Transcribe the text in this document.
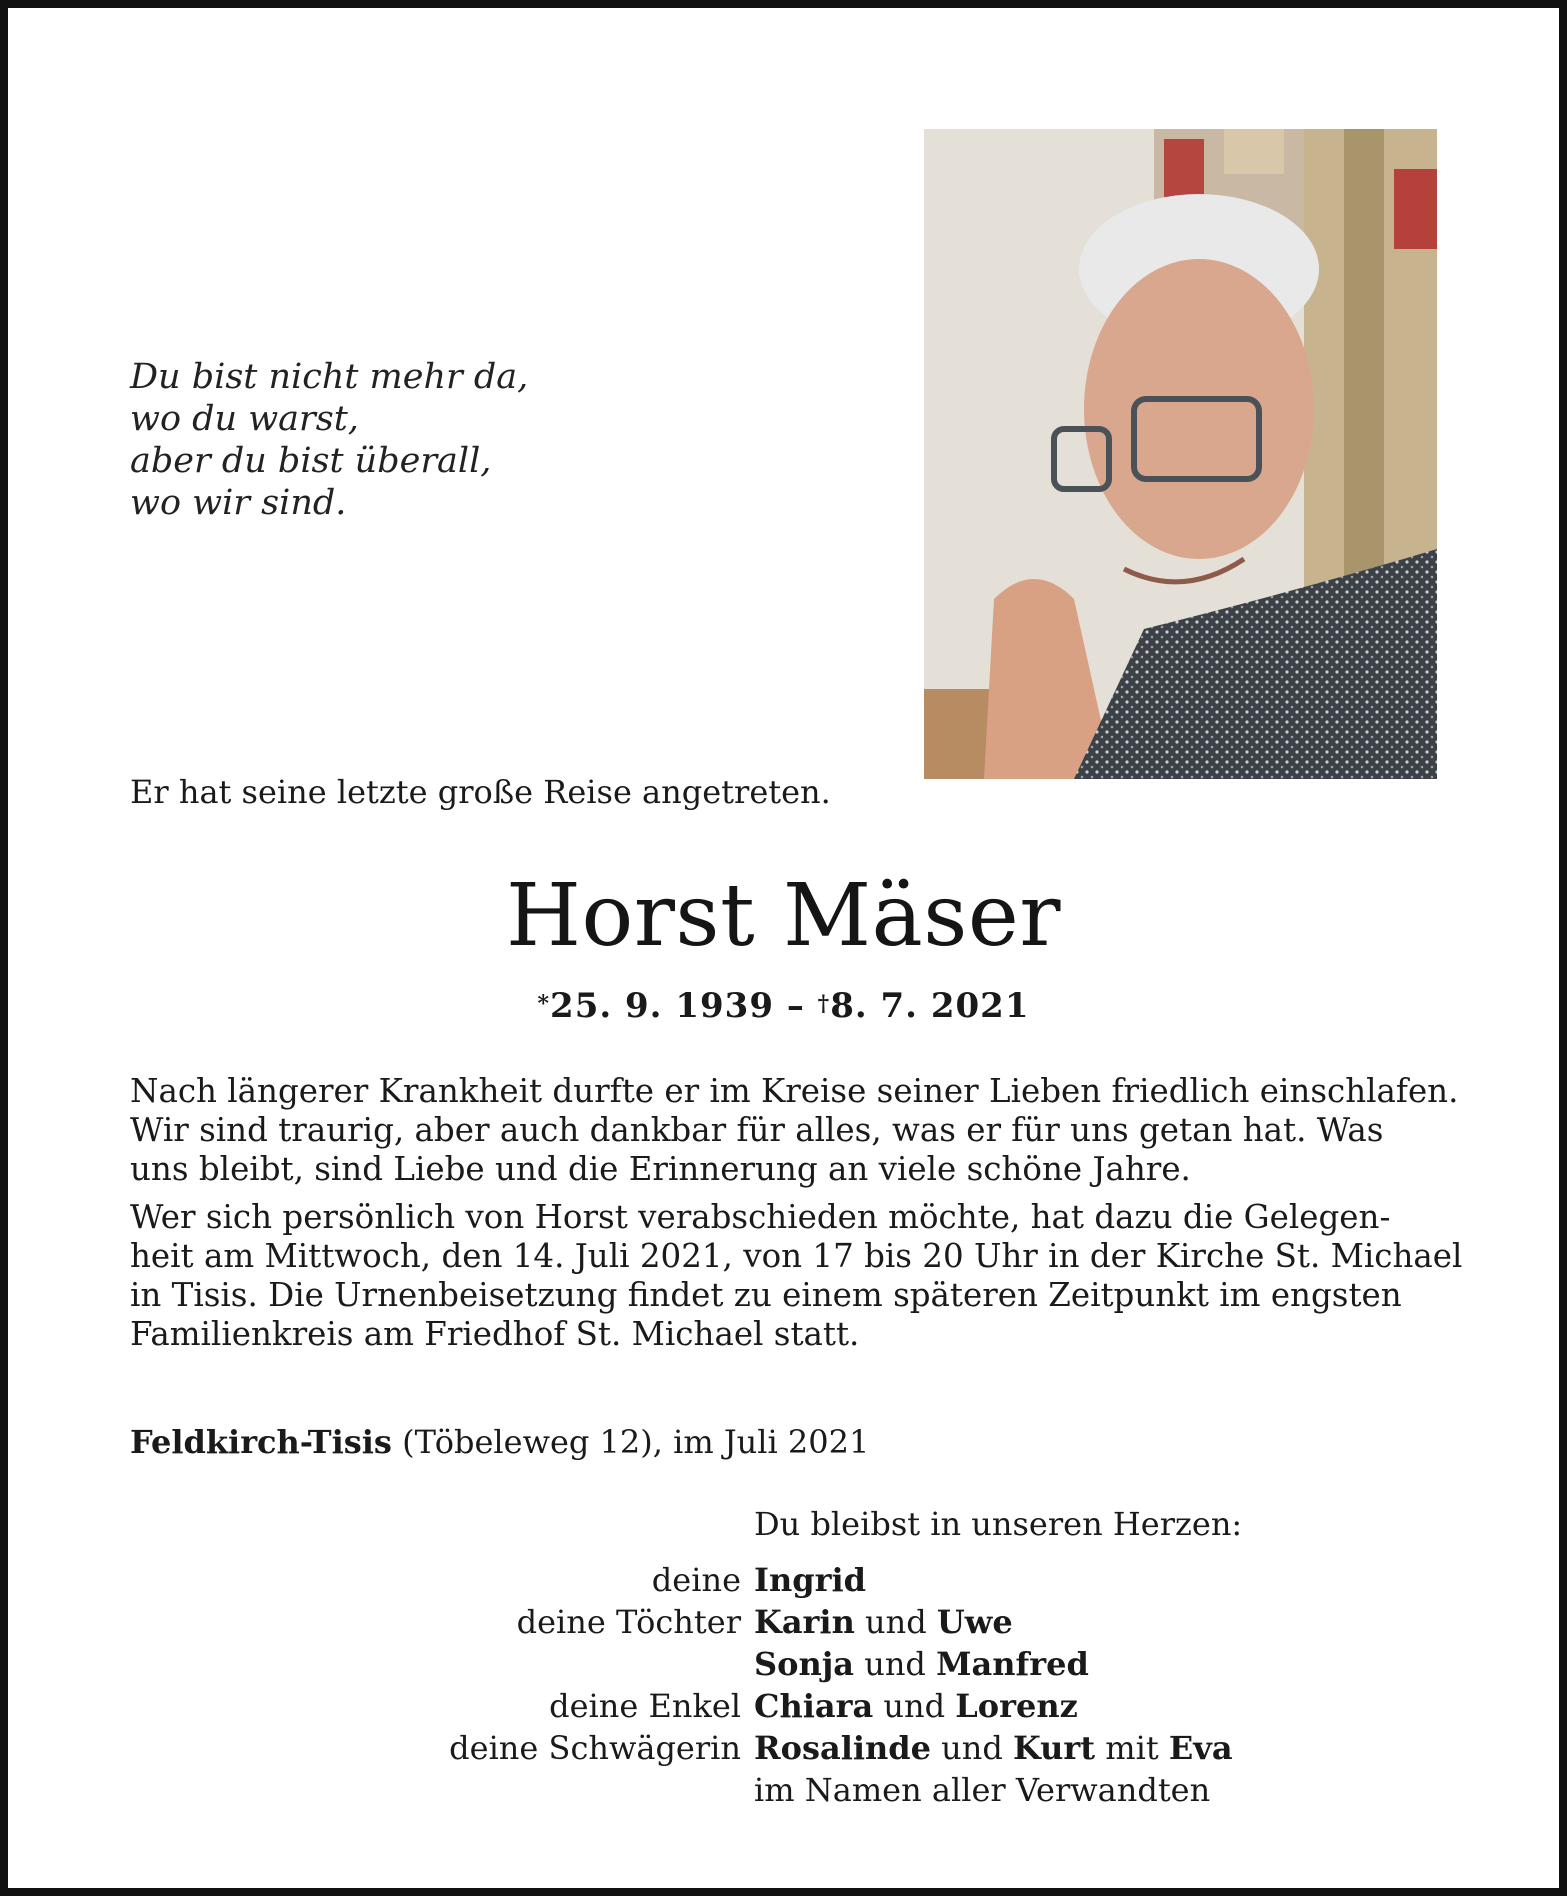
Du bist nicht mehr da,
wo du warst,
aber du bist überall,
wo wir sind.
Er hat seine letzte große Reise angetreten.
Horst Mäser
*25. 9. 1939 – †8. 7. 2021
Nach längerer Krankheit durfte er im Kreise seiner Lieben friedlich einschlafen.
Wir sind traurig, aber auch dankbar für alles, was er für uns getan hat. Was
uns bleibt, sind Liebe und die Erinnerung an viele schöne Jahre.
Wer sich persönlich von Horst verabschieden möchte, hat dazu die Gelegen-
heit am Mittwoch, den 14. Juli 2021, von 17 bis 20 Uhr in der Kirche St. Michael
in Tisis. Die Urnenbeisetzung findet zu einem späteren Zeitpunkt im engsten
Familienkreis am Friedhof St. Michael statt.
Feldkirch-Tisis (Töbeleweg 12), im Juli 2021
Du bleibst in unseren Herzen:
deine Ingrid
deine Töchter Karin und Uwe
Sonja und Manfred
deine Enkel Chiara und Lorenz
deine Schwägerin Rosalinde und Kurt mit Eva
im Namen aller Verwandten
